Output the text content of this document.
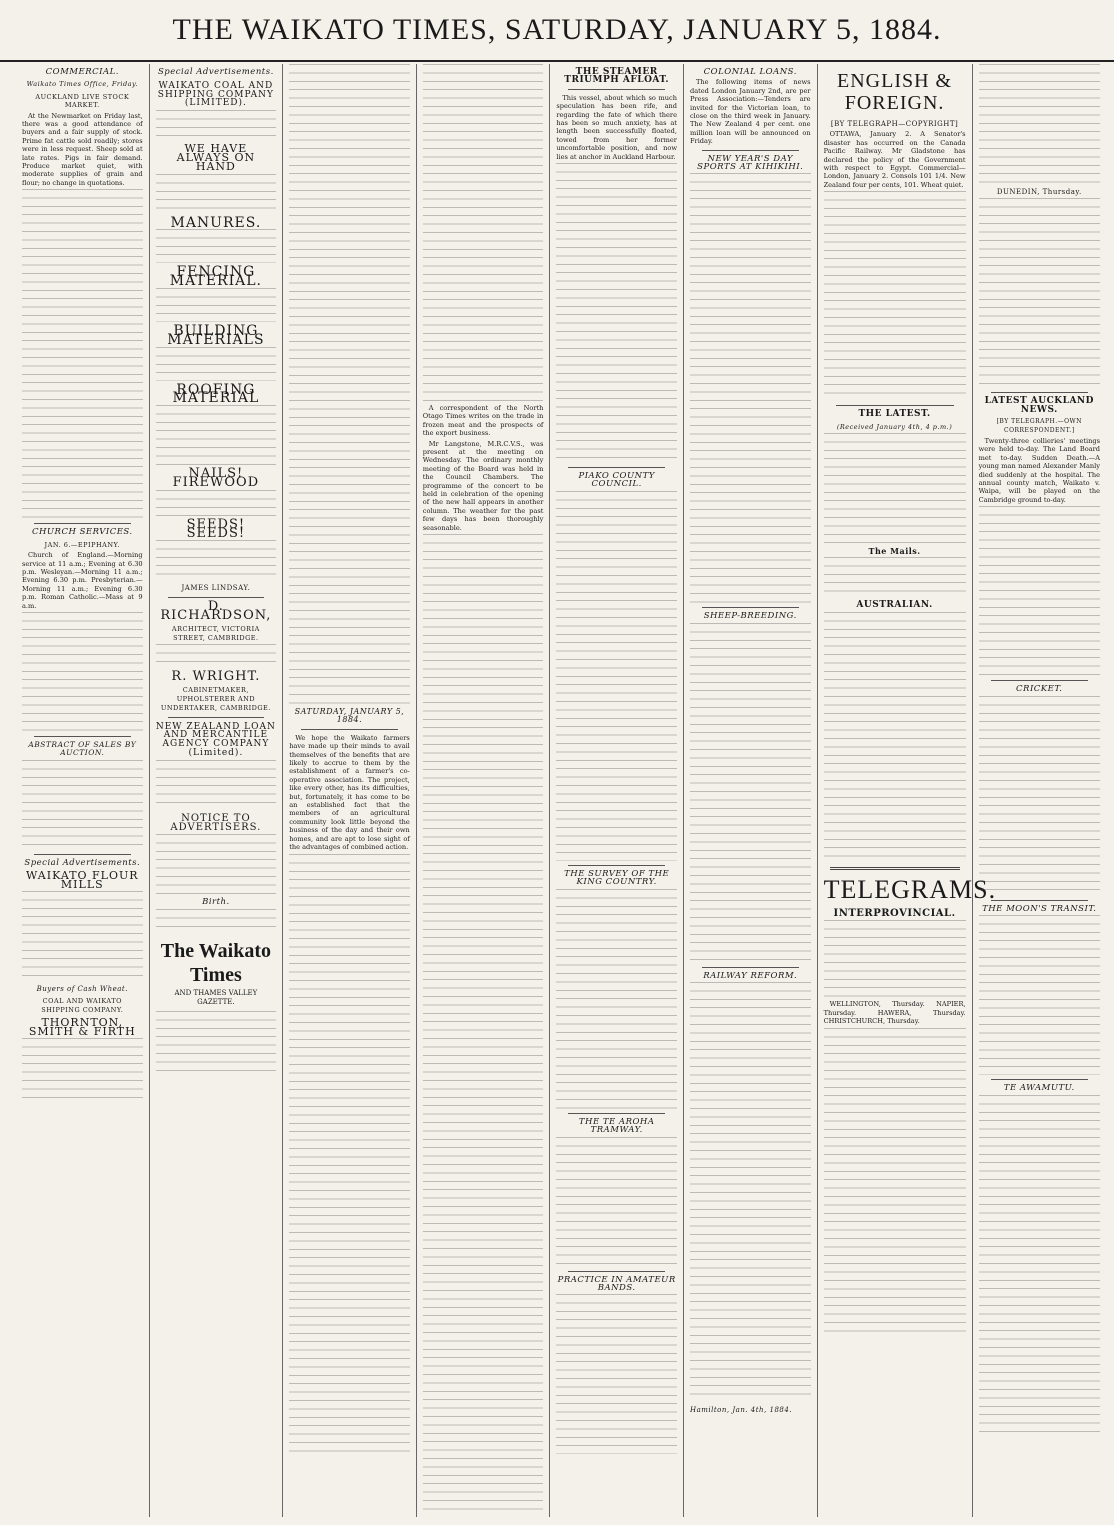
THE WAIKATO TIMES, SATURDAY, JANUARY 5, 1884.
COMMERCIAL.
Waikato Times Office, Friday.
AUCKLAND LIVE STOCK MARKET.

At the Newmarket on Friday last, there was a good attendance of buyers and a fair supply of stock. Prime fat cattle sold readily; stores were in less request. Sheep sold at late rates. Pigs in fair demand. Produce market quiet, with moderate supplies of grain and flour; no change in quotations.

CHURCH SERVICES.
JAN. 6.—EPIPHANY.

Church of England.—Morning service at 11 a.m.; Evening at 6.30 p.m. Wesleyan.—Morning 11 a.m.; Evening 6.30 p.m. Presbyterian.—Morning 11 a.m.; Evening 6.30 p.m. Roman Catholic.—Mass at 9 a.m.

ABSTRACT OF SALES BY AUCTION.
Special Advertisements.
WAIKATO FLOUR MILLS
Buyers of Cash Wheat.
COAL AND WAIKATO SHIPPING COMPANY.
THORNTON, SMITH & FIRTH
Special Advertisements.
WAIKATO COAL AND SHIPPING COMPANY (LIMITED).
WE HAVE ALWAYS ON HAND
MANURES.
FENCING MATERIAL.
BUILDING MATERIALS
ROOFING MATERIAL
NAILS! FIREWOOD
SEEDS! SEEDS!
JAMES LINDSAY.
D. RICHARDSON,
ARCHITECT, VICTORIA STREET, CAMBRIDGE.
R. WRIGHT.
CABINETMAKER, UPHOLSTERER AND UNDERTAKER, CAMBRIDGE.
NEW ZEALAND LOAN AND MERCANTILE AGENCY COMPANY (Limited).
NOTICE TO ADVERTISERS.
Birth.
The Waikato Times
AND THAMES VALLEY GAZETTE.
SATURDAY, JANUARY 5, 1884.

We hope the Waikato farmers have made up their minds to avail themselves of the benefits that are likely to accrue to them by the establishment of a farmer's co-operative association. The project, like every other, has its difficulties, but, fortunately, it has come to be an established fact that the members of an agricultural community look little beyond the business of the day and their own homes, and are apt to lose sight of the advantages of combined action.

A correspondent of the North Otago Times writes on the trade in frozen meat and the prospects of the export business.

Mr Langstone, M.R.C.V.S., was present at the meeting on Wednesday. The ordinary monthly meeting of the Board was held in the Council Chambers. The programme of the concert to be held in celebration of the opening of the new hall appears in another column. The weather for the past few days has been thoroughly seasonable.

THE STEAMER TRIUMPH AFLOAT.

This vessel, about which so much speculation has been rife, and regarding the fate of which there has been so much anxiety, has at length been successfully floated, towed from her former uncomfortable position, and now lies at anchor in Auckland Harbour.

PIAKO COUNTY COUNCIL.
THE SURVEY OF THE KING COUNTRY.
THE TE AROHA TRAMWAY.
PRACTICE IN AMATEUR BANDS.
COLONIAL LOANS.

The following items of news dated London January 2nd, are per Press Association:—Tenders are invited for the Victorian loan, to close on the third week in January. The New Zealand 4 per cent. one million loan will be announced on Friday.

NEW YEAR'S DAY SPORTS AT KIHIKIHI.
SHEEP-BREEDING.
RAILWAY REFORM.
Hamilton, Jan. 4th, 1884.
ENGLISH & FOREIGN.
[BY TELEGRAPH—COPYRIGHT]

OTTAWA, January 2. A Senator's disaster has occurred on the Canada Pacific Railway. Mr Gladstone has declared the policy of the Government with respect to Egypt. Commercial—London, January 2. Consols 101 1/4. New Zealand four per cents, 101. Wheat quiet.

THE LATEST.
(Received January 4th, 4 p.m.)
The Mails.
AUSTRALIAN.
TELEGRAMS.
INTERPROVINCIAL.

WELLINGTON, Thursday. NAPIER, Thursday. HAWERA, Thursday. CHRISTCHURCH, Thursday.

DUNEDIN, Thursday.
LATEST AUCKLAND NEWS.
[BY TELEGRAPH.—OWN CORRESPONDENT.]

Twenty-three collieries' meetings were held to-day. The Land Board met to-day. Sudden Death.—A young man named Alexander Manly died suddenly at the hospital. The annual county match, Waikato v. Waipa, will be played on the Cambridge ground to-day.

CRICKET.
THE MOON'S TRANSIT.
TE AWAMUTU.
